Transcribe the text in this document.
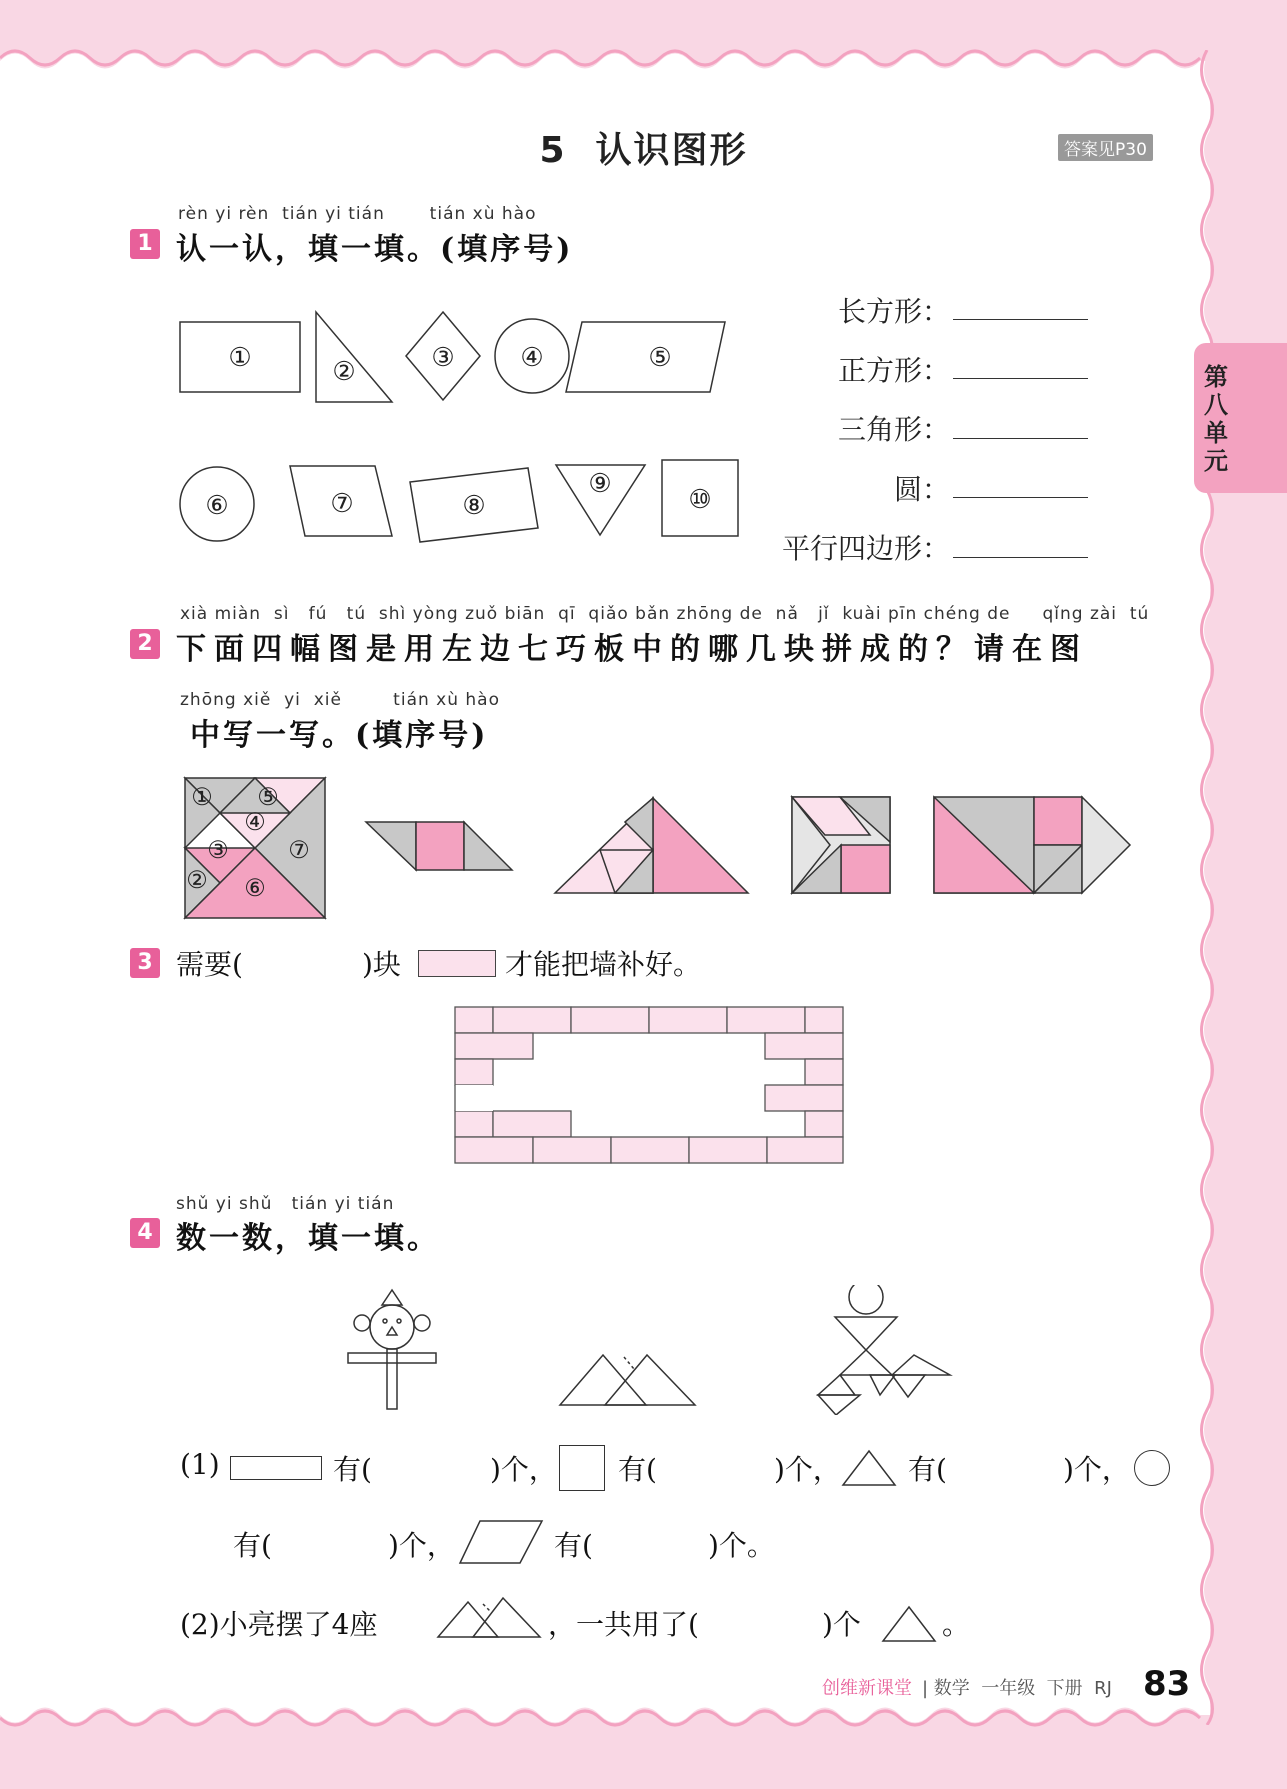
5  认识图形	答案见P30
第八单元
rèn yi rèn  tián yi tián       tián xù hào
1 认一认，填一填。(填序号)
①	②	③	④	⑤
⑥	⑦	⑧
⑨
⑩
长方形：
正方形：
三角形：
圆：
平行四边形：
xià miàn  sì   fú   tú  shì yòng zuǒ biān  qī  qiǎo bǎn zhōng de  nǎ   jǐ  kuài pīn chéng de     qǐng zài  tú
2 下面四幅图是用左边七巧板中的哪几块拼成的？请在图
zhōng xiě  yi  xiě        tián xù hào
中写一写。(填序号)
① ⑤
④
③ ⑦
② ⑥
3 需要(	)块	才能把墙补好。
shǔ yi shǔ   tián yi tián
4 数一数，填一填。
(1)	有(	)个， 有(	)个， 有(	)个，
有(	)个，	有(	)个。
(2)小亮摆了4座	，一共用了(	)个	。
创维新课堂 | 数学  一年级  下册  RJ 83
